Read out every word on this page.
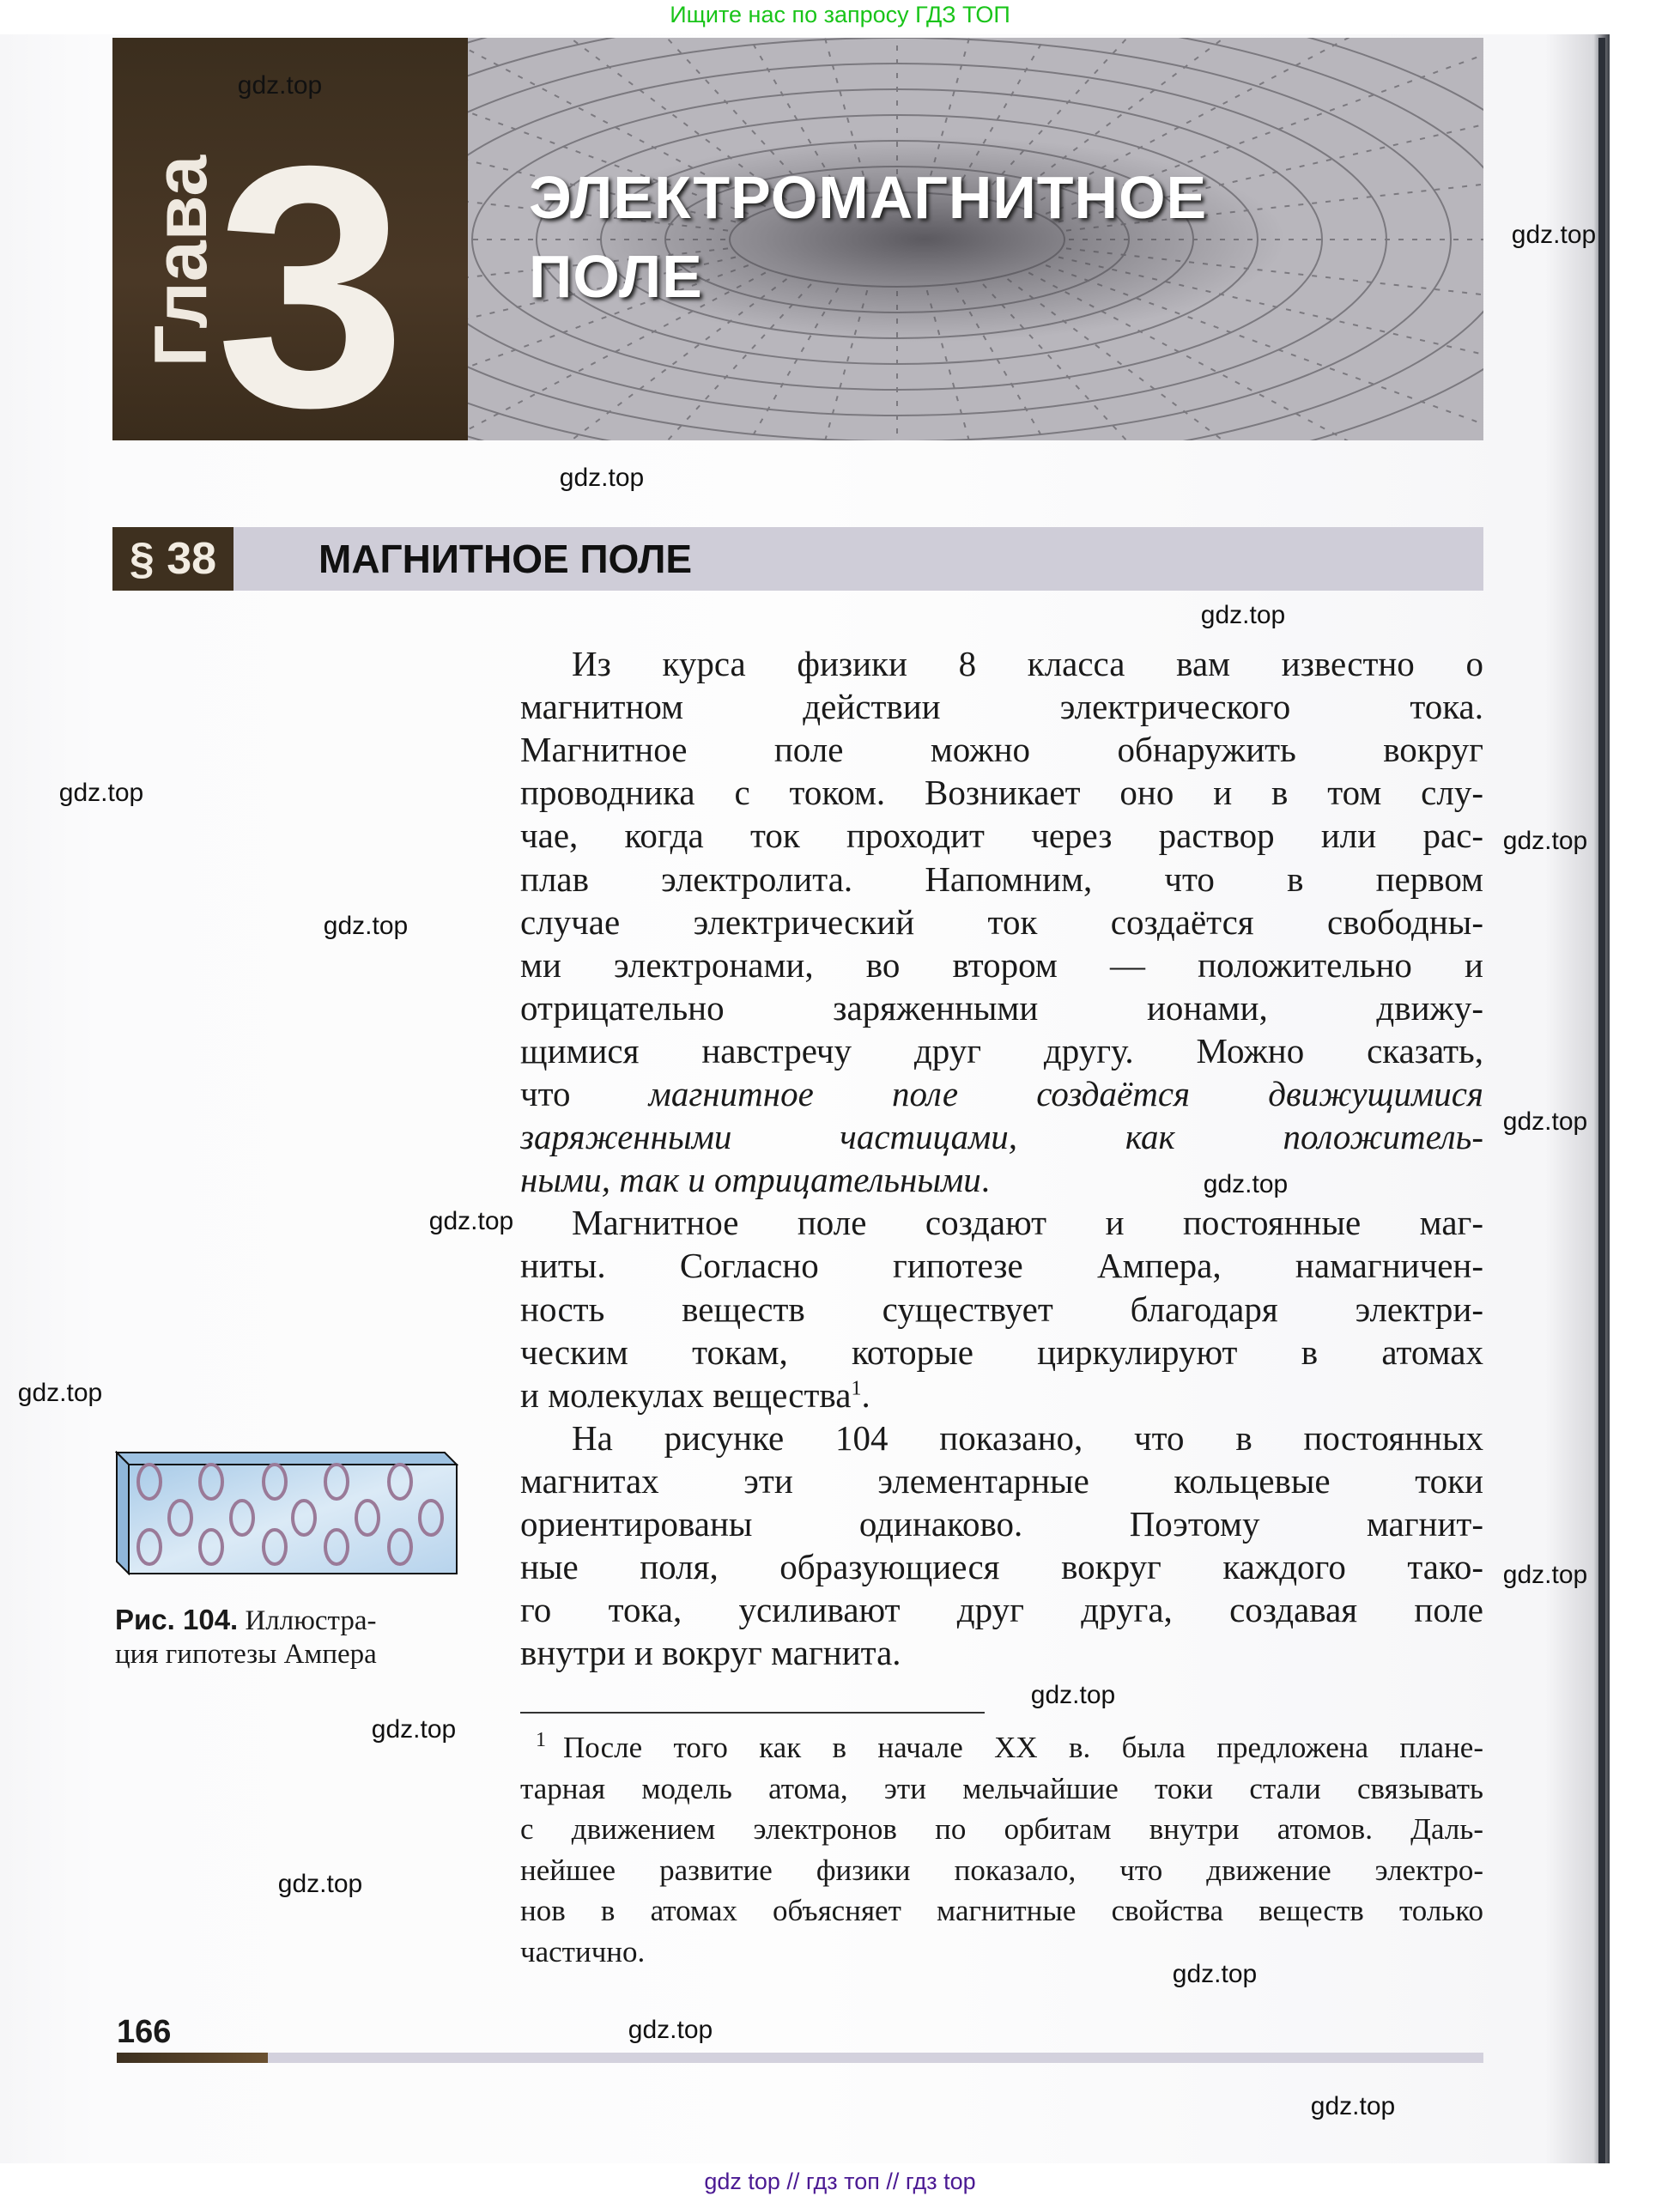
Ищите нас по запросу ГДЗ ТОП
Глава
3 ЭЛЕКТРОМАГНИТНОЕ
ПОЛЕ
§ 38	МАГНИТНОЕ ПОЛЕ
Из курса физики 8 класса вам известно о
магнитном действии электрического тока.
Магнитное поле можно обнаружить вокруг
проводника с током. Возникает оно и в том слу-
чае, когда ток проходит через раствор или рас-
плав электролита. Напомним, что в первом
случае электрический ток создаётся свободны-
ми электронами, во втором — положительно и
отрицательно заряженными ионами, движу-
щимися навстречу друг другу. Можно сказать,
что магнитное поле создаётся движущимися
заряженными частицами, как положитель-
ными, так и отрицательными.
Магнитное поле создают и постоянные маг-
ниты. Согласно гипотезе Ампера, намагничен-
ность веществ существует благодаря электри-
ческим токам, которые циркулируют в атомах
и молекулах вещества$^1$.
На рисунке 104 показано, что в постоянных
магнитах эти элементарные кольцевые токи
ориентированы одинаково. Поэтому магнит-
ные поля, образующиеся вокруг каждого тако-
го тока, усиливают друг друга, создавая поле
внутри и вокруг магнита.
Рис. 104. Иллюстра-
ция гипотезы Ампера
$^1$ После того как в начале XX в. была предложена плане-
тарная модель атома, эти мельчайшие токи стали связывать
с движением электронов по орбитам внутри атомов. Даль-
нейшее развитие физики показало, что движение электро-
нов в атомах объясняет магнитные свойства веществ только
частично.
166
gdz top // гдз топ // гдз top
gdz.top
gdz.top
gdz.top
gdz.top
gdz.top
gdz.top
gdz.top
gdz.top
gdz.top
gdz.top
gdz.top
gdz.top
gdz.top
gdz.top
gdz.top
gdz.top
gdz.top
gdz.top
